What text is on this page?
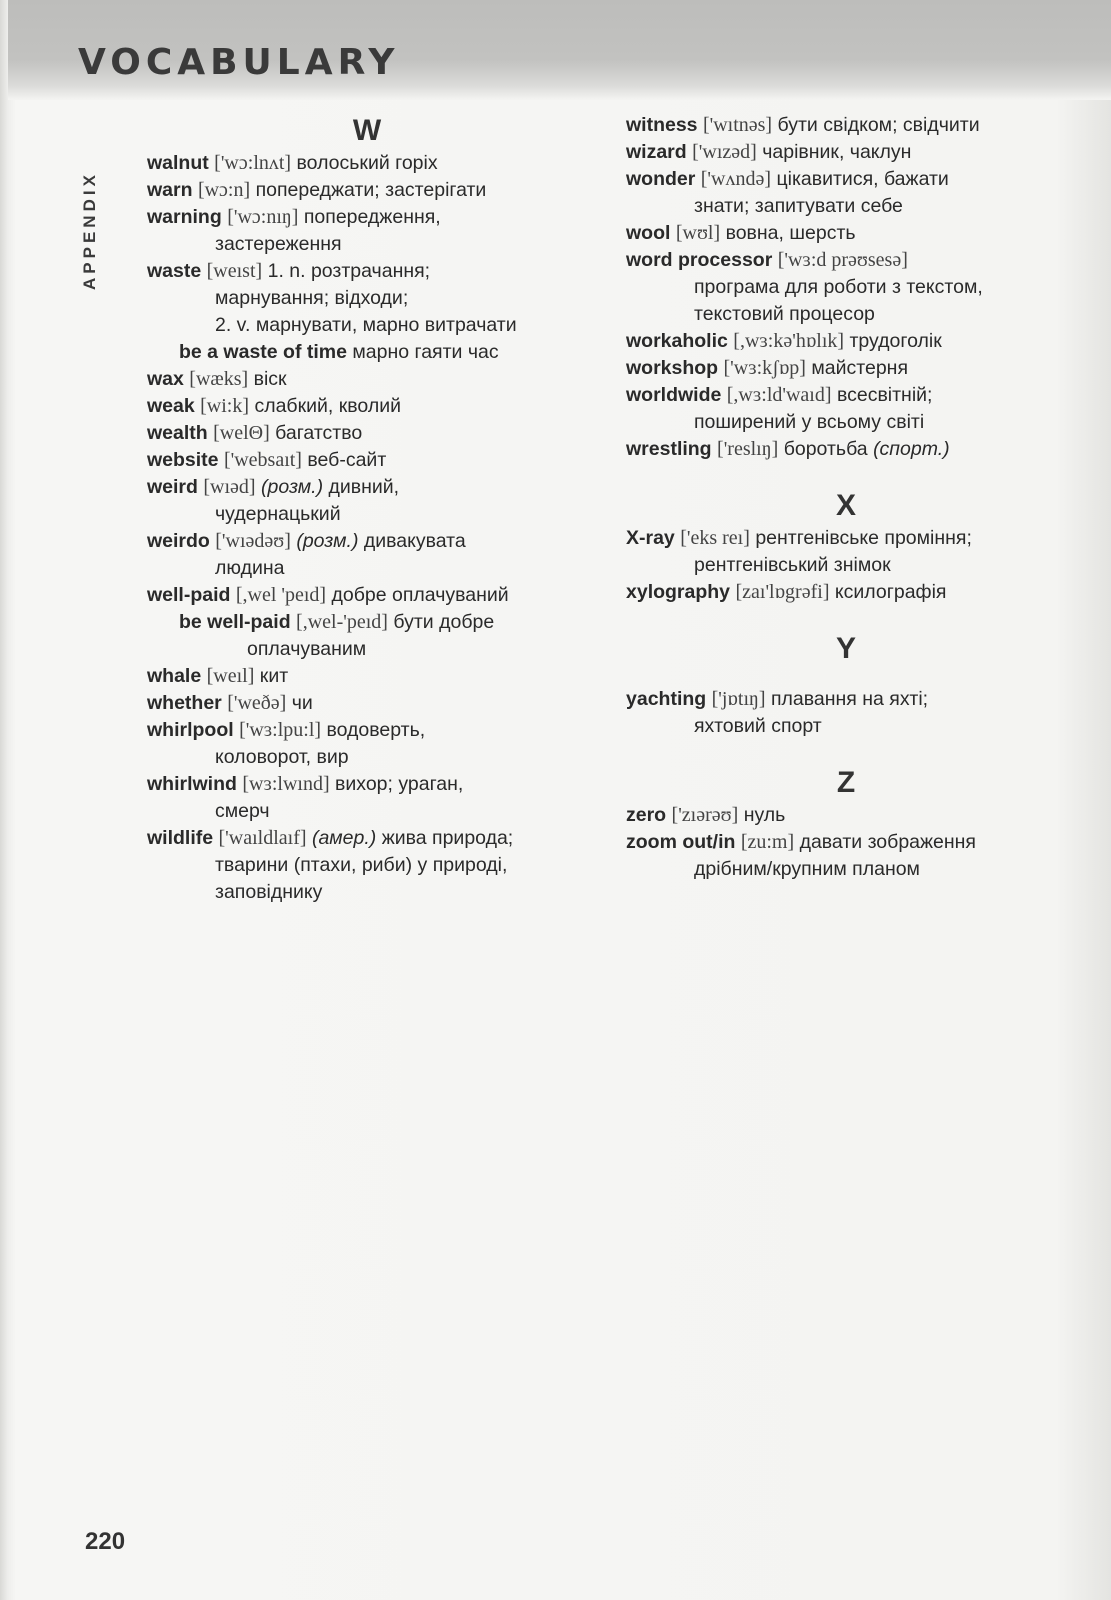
VOCABULARY
APPENDIX
W
walnut ['wɔ:lnʌt] волоський горіх
warn [wɔ:n] попереджати; застерігати
warning ['wɔ:nıŋ] попередження,
застереження
waste [weıst] 1. n. розтрачання;
марнування; відходи;
2. v. марнувати, марно витрачати
be a waste of time марно гаяти час
wax [wæks] віск
weak [wi:k] слабкий, кволий
wealth [welΘ] багатство
website ['websaıt] веб-сайт
weird [wıəd] (розм.) дивний,
чудернацький
weirdo ['wıədəʊ] (розм.) дивакувата
людина
well-paid [,wel 'peıd] добре оплачуваний
be well-paid [,wel-'peıd] бути добре
оплачуваним
whale [weıl] кит
whether ['weðə] чи
whirlpool ['wɜ:lpu:l] водоверть,
коловорот, вир
whirlwind [wɜ:lwınd] вихор; ураган,
смерч
wildlife ['waıldlaıf] (амер.) жива природа;
тварини (птахи, риби) у природі,
заповіднику
witness ['wıtnəs] бути свідком; свідчити
wizard ['wızəd] чарівник, чаклун
wonder ['wʌndə] цікавитися, бажати
знати; запитувати себе
wool [wʊl] вовна, шерсть
word processor ['wɜ:d prəʊsesə]
програма для роботи з текстом,
текстовий процесор
workaholic [,wɜ:kə'hɒlık] трудоголік
workshop ['wɜ:kʃɒp] майстерня
worldwide [,wɜ:ld'waıd] всесвітній;
поширений у всьому світі
wrestling ['reslıŋ] боротьба (спорт.)
X
X-ray ['eks reı] рентгенівське проміння;
рентгенівський знімок
xylography [zaı'lɒgrəfi] ксилографія
Y
yachting ['jɒtıŋ] плавання на яхті;
яхтовий спорт
Z
zero ['zıərəʊ] нуль
zoom out/in [zu:m] давати зображення
дрібним/крупним планом
220
